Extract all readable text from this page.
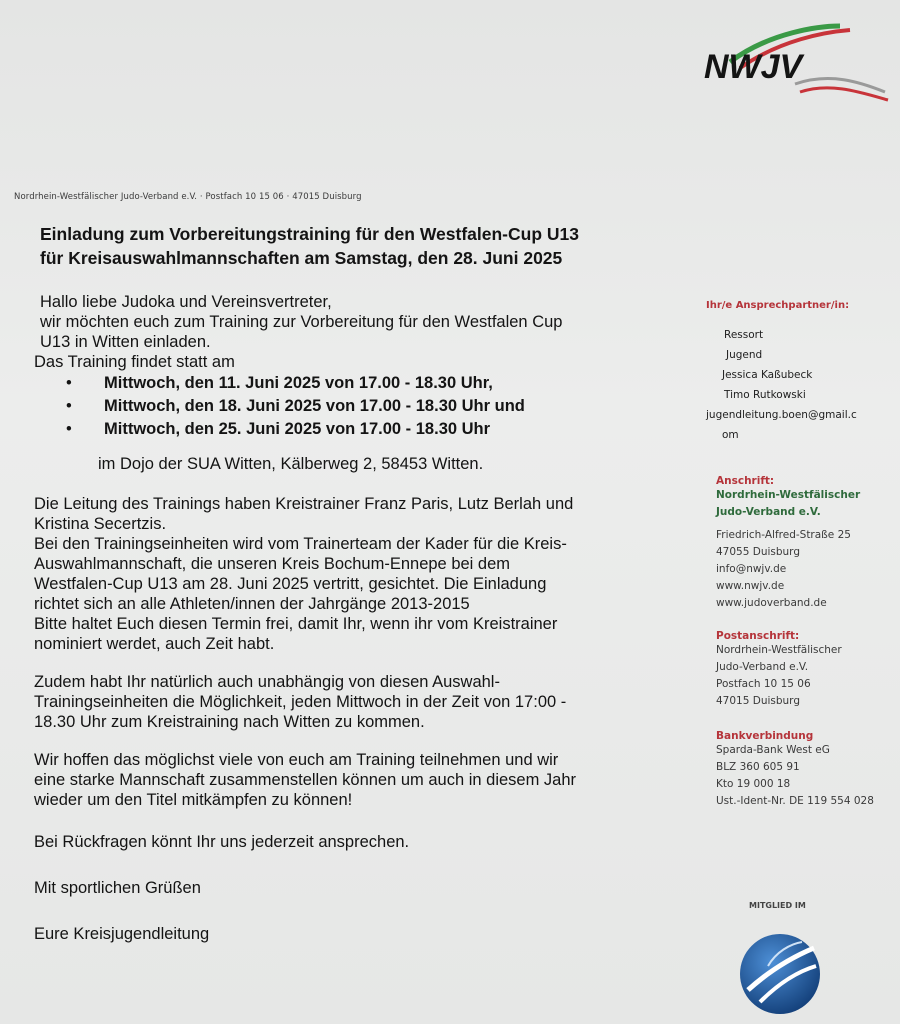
NWJV
Nordrhein-Westfälischer Judo-Verband e.V. · Postfach 10 15 06 · 47015 Duisburg
Einladung zum Vorbereitungstraining für den Westfalen-Cup U13
für Kreisauswahlmannschaften am Samstag, den 28. Juni 2025

Hallo liebe Judoka und Vereinsvertreter,

wir möchten euch zum Training zur Vorbereitung für den Westfalen Cup

U13 in Witten einladen.

Das Training findet statt am

• Mittwoch, den 11. Juni 2025 von 17.00 - 18.30 Uhr,
• Mittwoch, den 18. Juni 2025 von 17.00 - 18.30 Uhr und
• Mittwoch, den 25. Juni 2025 von 17.00 - 18.30 Uhr

im Dojo der SUA Witten, Kälberweg 2, 58453 Witten.

Die Leitung des Trainings haben Kreistrainer Franz Paris, Lutz Berlah und

Kristina Secertzis.

Bei den Trainingseinheiten wird vom Trainerteam der Kader für die Kreis-

Auswahlmannschaft, die unseren Kreis Bochum-Ennepe bei dem

Westfalen-Cup U13 am 28. Juni 2025 vertritt, gesichtet. Die Einladung

richtet sich an alle Athleten/innen der Jahrgänge 2013-2015

Bitte haltet Euch diesen Termin frei, damit Ihr, wenn ihr vom Kreistrainer

nominiert werdet, auch Zeit habt.

Zudem habt Ihr natürlich auch unabhängig von diesen Auswahl-

Trainingseinheiten die Möglichkeit, jeden Mittwoch in der Zeit von 17:00 -

18.30 Uhr zum Kreistraining nach Witten zu kommen.

Wir hoffen das möglichst viele von euch am Training teilnehmen und wir

eine starke Mannschaft zusammenstellen können um auch in diesem Jahr

wieder um den Titel mitkämpfen zu können!

Bei Rückfragen könnt Ihr uns jederzeit ansprechen.

Mit sportlichen Grüßen

Eure Kreisjugendleitung

Ihr/e Ansprechpartner/in:
Ressort
Jugend
Jessica Kaßubeck
Timo Rutkowski
jugendleitung.boen@gmail.c
om
Anschrift:
Nordrhein-Westfälischer
Judo-Verband e.V.
Friedrich-Alfred-Straße 25
47055 Duisburg
info@nwjv.de
www.nwjv.de
www.judoverband.de
Postanschrift:
Nordrhein-Westfälischer
Judo-Verband e.V.
Postfach 10 15 06
47015 Duisburg
Bankverbindung
Sparda-Bank West eG
BLZ 360 605 91
Kto 19 000 18
Ust.-Ident-Nr. DE 119 554 028
MITGLIED IM
